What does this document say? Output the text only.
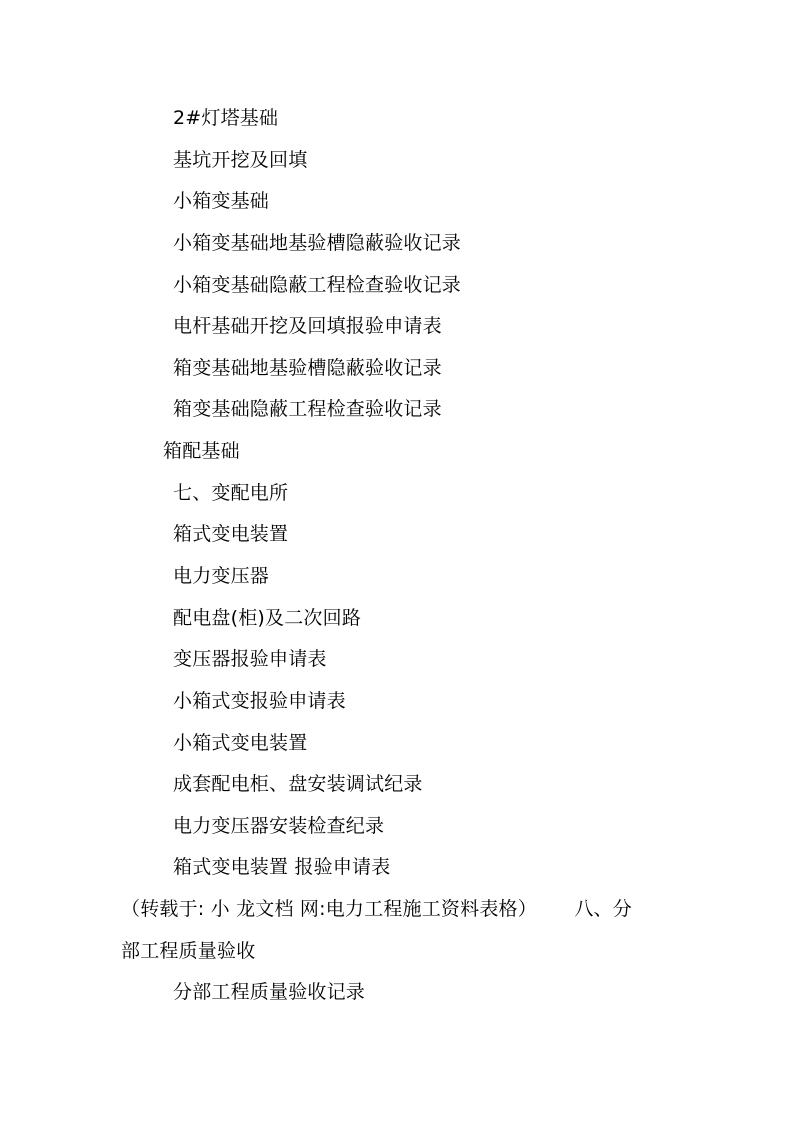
2#灯塔基础
基坑开挖及回填
小箱变基础
小箱变基础地基验槽隐蔽验收记录
小箱变基础隐蔽工程检查验收记录
电杆基础开挖及回填报验申请表
箱变基础地基验槽隐蔽验收记录
箱变基础隐蔽工程检查验收记录
箱配基础
七、变配电所
箱式变电装置
电力变压器
配电盘(柜)及二次回路
变压器报验申请表
小箱式变报验申请表
小箱式变电装置
成套配电柜、盘安装调试纪录
电力变压器安装检查纪录
箱式变电装置 报验申请表
（转载于: 小 龙文档 网:电力工程施工资料表格）      八、分
部工程质量验收
分部工程质量验收记录
